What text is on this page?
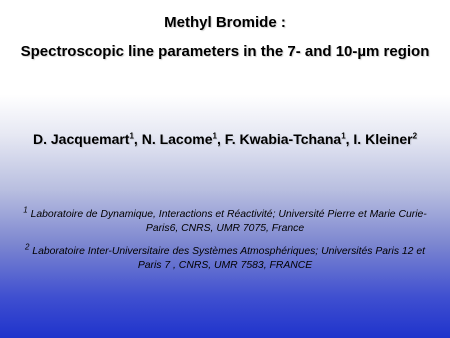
Methyl Bromide :
Spectroscopic line parameters in the 7- and 10-µm region
D. Jacquemart$^1$, N. Lacome$^1$, F. Kwabia-Tchana$^1$, I. Kleiner$^2$
$^1$ Laboratoire de Dynamique, Interactions et Réactivité; Université Pierre et Marie Curie-
Paris6, CNRS, UMR 7075, France
$^2$ Laboratoire Inter-Universitaire des Systèmes Atmosphériques; Universités Paris 12 et
Paris 7 , CNRS, UMR 7583, FRANCE
